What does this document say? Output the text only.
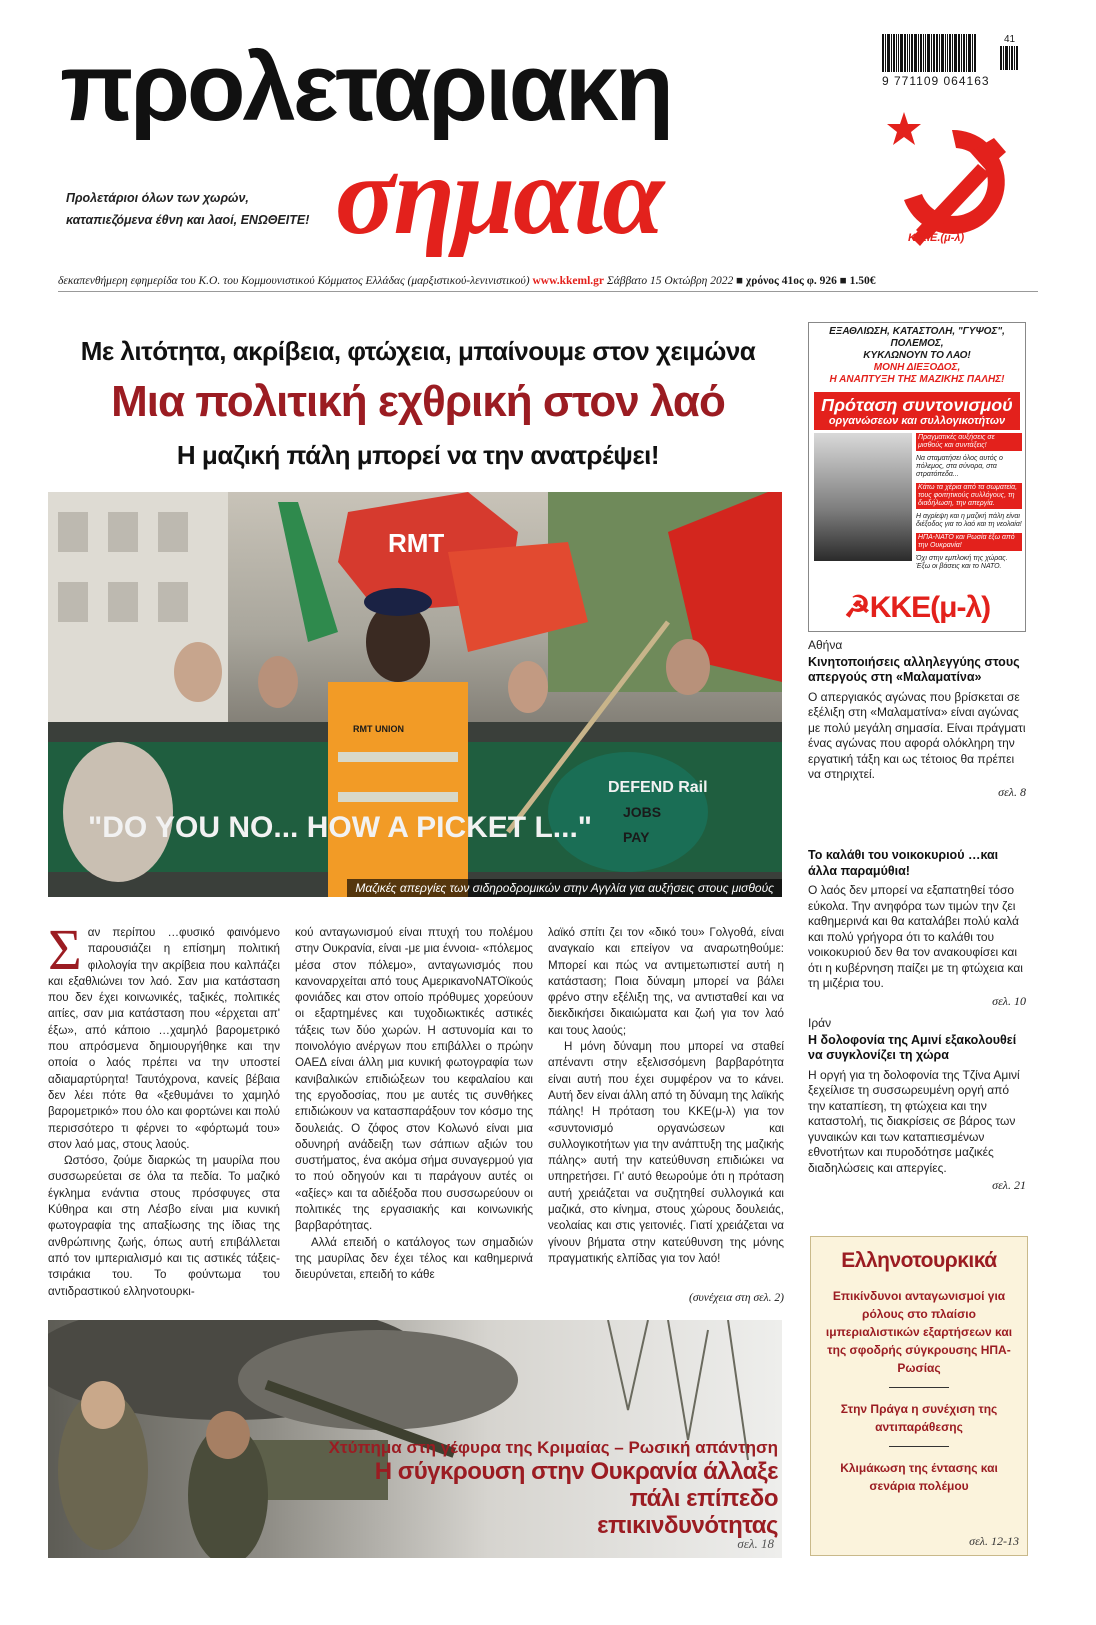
προλεταριακη
σημαια
Προλετάριοι όλων των χωρών,
καταπιεζόμενα έθνη και λαοί, ΕΝΩΘΕΙΤΕ!
41
9 771109 064163
Κ.Κ.Ε.(μ-λ)
δεκαπενθήμερη εφημερίδα του Κ.Ο. του Κομμουνιστικού Κόμματος Ελλάδας (μαρξιστικού-λενινιστικού) www.kkeml.gr Σάββατο 15 Οκτώβρη 2022 ■ χρόνος 41ος φ. 926 ■ 1.50€
Με λιτότητα, ακρίβεια, φτώχεια, μπαίνουμε στον χειμώνα
Μια πολιτική εχθρική στον λαό
Η μαζική πάλη μπορεί να την ανατρέψει!
"DO YOU NO... HOW A PICKET L..."
DEFEND Rail
JOBS
PAY
RMT
RMT UNION
Μαζικές απεργίες των σιδηροδρομικών στην Αγγλία για αυξήσεις στους μισθούς
Σ αν περίπου …φυσικό φαινόμενο παρουσιάζει η επίσημη πολιτική φιλολογία την ακρίβεια που καλπάζει και εξαθλιώνει τον λαό. Σαν μια κατάσταση που δεν έχει κοινωνικές, ταξικές, πολιτικές αιτίες, σαν μια κατάσταση που «έρχεται απ' έξω», από κάποιο …χαμηλό βαρομετρικό που απρόσμενα δημιουργήθηκε και την οποία ο λαός πρέπει να την υποστεί αδιαμαρτύρητα! Ταυτόχρονα, κανείς βέβαια δεν λέει πότε θα «ξεθυμάνει το χαμηλό βαρομετρικό» που όλο και φορτώνει και πολύ περισσότερο τι φέρνει το «φόρτωμά του» στον λαό μας, στους λαούς.

Ωστόσο, ζούμε διαρκώς τη μαυρίλα που συσσωρεύεται σε όλα τα πεδία. Το μαζικό έγκλημα ενάντια στους πρόσφυγες στα Κύθηρα και στη Λέσβο είναι μια κυνική φωτογραφία της απαξίωσης της ίδιας της ανθρώπινης ζωής, όπως αυτή επιβάλλεται από τον ιμπεριαλισμό και τις αστικές τάξεις-τσιράκια του. Το φούντωμα του αντιδραστικού ελληνοτουρκι-

κού ανταγωνισμού είναι πτυχή του πολέμου στην Ουκρανία, είναι -με μια έννοια- «πόλεμος μέσα στον πόλεμο», ανταγωνισμός που κανοναρχείται από τους ΑμερικανοΝΑΤΟϊκούς φονιάδες και στον οποίο πρόθυμες χορεύουν οι εξαρτημένες και τυχοδιωκτικές αστικές τάξεις των δύο χωρών. Η αστυνομία και το ποινολόγιο ανέργων που επιβάλλει ο πρώην ΟΑΕΔ είναι άλλη μια κυνική φωτογραφία των κανιβαλικών επιδιώξεων του κεφαλαίου και της εργοδοσίας, που με αυτές τις συνθήκες επιδιώκουν να κατασπαράξουν τον κόσμο της δουλειάς. Ο ζόφος στον Κολωνό είναι μια οδυνηρή ανάδειξη των σάπιων αξιών του συστήματος, ένα ακόμα σήμα συναγερμού για το πού οδηγούν και τι παράγουν αυτές οι «αξίες» και τα αδιέξοδα που συσσωρεύουν οι πολιτικές της εργασιακής και κοινωνικής βαρβαρότητας.

Αλλά επειδή ο κατάλογος των σημαδιών της μαυρίλας δεν έχει τέλος και καθημερινά διευρύνεται, επειδή το κάθε

λαϊκό σπίτι ζει τον «δικό του» Γολγοθά, είναι αναγκαίο και επείγον να αναρωτηθούμε: Μπορεί και πώς να αντιμετωπιστεί αυτή η κατάσταση; Ποια δύναμη μπορεί να βάλει φρένο στην εξέλιξη της, να αντισταθεί και να διεκδικήσει δικαιώματα και ζωή για τον λαό και τους λαούς;

Η μόνη δύναμη που μπορεί να σταθεί απέναντι στην εξελισσόμενη βαρβαρότητα είναι αυτή που έχει συμφέρον να το κάνει. Αυτή δεν είναι άλλη από τη δύναμη της λαϊκής πάλης! Η πρόταση του ΚΚΕ(μ-λ) για τον «συντονισμό οργανώσεων και συλλογικοτήτων για την ανάπτυξη της μαζικής πάλης» αυτή την κατεύθυνση επιδιώκει να υπηρετήσει. Γι' αυτό θεωρούμε ότι η πρόταση αυτή χρειάζεται να συζητηθεί συλλογικά και μαζικά, στο κίνημα, στους χώρους δουλειάς, νεολαίας και στις γειτονιές. Γιατί χρειάζεται να γίνουν βήματα στην κατεύθυνση της μόνης πραγματικής ελπίδας για τον λαό!

(συνέχεια στη σελ. 2)
Χτύπημα στη γέφυρα της Κριμαίας – Ρωσική απάντηση
Η σύγκρουση στην Ουκρανία άλλαξε πάλι επίπεδο
επικινδυνότητας
σελ. 18
ΕΞΑΘΛΙΩΣΗ, ΚΑΤΑΣΤΟΛΗ, "ΓΥΨΟΣ", ΠΟΛΕΜΟΣ,
ΚΥΚΛΩΝΟΥΝ ΤΟ ΛΑΟ!
ΜΟΝΗ ΔΙΕΞΟΔΟΣ,
Η ΑΝΑΠΤΥΞΗ ΤΗΣ ΜΑΖΙΚΗΣ ΠΑΛΗΣ!
Πρόταση συντονισμού
οργανώσεων και συλλογικοτήτων
Πραγματικές αυξήσεις σε μισθούς και συντάξεις!
Να σταματήσει όλος αυτός ο πόλεμος, στα σύνορα, στα στρατόπεδα...
Κάτω τα χέρια από τα σωματεία, τους φοιτητικούς συλλόγους, τη διαδήλωση, την απεργία.
Η αγρίεψη και η μαζική πάλη είναι διέξοδος για το λαό και τη νεολαία!
ΗΠΑ-ΝΑΤΟ και Ρωσία έξω από την Ουκρανία!
Όχι στην εμπλοκή της χώρας. Έξω οι βάσεις και το ΝΑΤΟ.
☭ΚΚΕ(μ-λ)
Αθήνα
Κινητοποιήσεις αλληλεγγύης στους απεργούς στη «Μαλαματίνα»
Ο απεργιακός αγώνας που βρίσκεται σε εξέλιξη στη «Μαλαματίνα» είναι αγώνας με πολύ μεγάλη σημασία. Είναι πράγματι ένας αγώνας που αφορά ολόκληρη την εργατική τάξη και ως τέτοιος θα πρέπει να στηριχτεί.
σελ. 8
Το καλάθι του νοικοκυριού …και άλλα παραμύθια!
Ο λαός δεν μπορεί να εξαπατηθεί τόσο εύκολα. Την ανηφόρα των τιμών την ζει καθημερινά και θα καταλάβει πολύ καλά και πολύ γρήγορα ότι το καλάθι του νοικοκυριού δεν θα τον ανακουφίσει και ότι η κυβέρνηση παίζει με τη φτώχεια και τη μιζέρια του.
σελ. 10
Ιράν
Η δολοφονία της Αμινί εξακολουθεί να συγκλονίζει τη χώρα
Η οργή για τη δολοφονία της Τζίνα Αμινί ξεχείλισε τη συσσωρευμένη οργή από την καταπίεση, τη φτώχεια και την καταστολή, τις διακρίσεις σε βάρος των γυναικών και των καταπιεσμένων εθνοτήτων και πυροδότησε μαζικές διαδηλώσεις και απεργίες.
σελ. 21
Ελληνοτουρκικά
Επικίνδυνοι ανταγωνισμοί για ρόλους στο πλαίσιο ιμπεριαλιστικών εξαρτήσεων και της σφοδρής σύγκρουσης ΗΠΑ-Ρωσίας
Στην Πράγα η συνέχιση της αντιπαράθεσης
Κλιμάκωση της έντασης και σενάρια πολέμου
σελ. 12-13
